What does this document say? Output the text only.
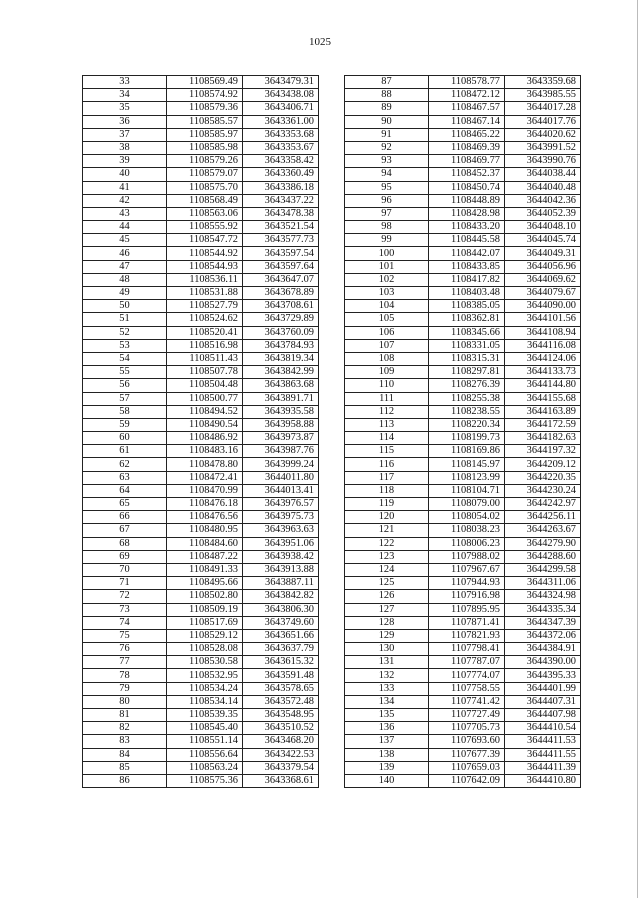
1025
33	1108569.49	3643479.31
34	1108574.92	3643438.08
35	1108579.36	3643406.71
36	1108585.57	3643361.00
37	1108585.97	3643353.68
38	1108585.98	3643353.67
39	1108579.26	3643358.42
40	1108579.07	3643360.49
41	1108575.70	3643386.18
42	1108568.49	3643437.22
43	1108563.06	3643478.38
44	1108555.92	3643521.54
45	1108547.72	3643577.73
46	1108544.92	3643597.54
47	1108544.93	3643597.64
48	1108536.11	3643647.07
49	1108531.88	3643678.89
50	1108527.79	3643708.61
51	1108524.62	3643729.89
52	1108520.41	3643760.09
53	1108516.98	3643784.93
54	1108511.43	3643819.34
55	1108507.78	3643842.99
56	1108504.48	3643863.68
57	1108500.77	3643891.71
58	1108494.52	3643935.58
59	1108490.54	3643958.88
60	1108486.92	3643973.87
61	1108483.16	3643987.76
62	1108478.80	3643999.24
63	1108472.41	3644011.80
64	1108470.99	3644013.41
65	1108476.18	3643976.57
66	1108476.56	3643975.73
67	1108480.95	3643963.63
68	1108484.60	3643951.06
69	1108487.22	3643938.42
70	1108491.33	3643913.88
71	1108495.66	3643887.11
72	1108502.80	3643842.82
73	1108509.19	3643806.30
74	1108517.69	3643749.60
75	1108529.12	3643651.66
76	1108528.08	3643637.79
77	1108530.58	3643615.32
78	1108532.95	3643591.48
79	1108534.24	3643578.65
80	1108534.14	3643572.48
81	1108539.35	3643548.95
82	1108545.40	3643510.52
83	1108551.14	3643468.20
84	1108556.64	3643422.53
85	1108563.24	3643379.54
86	1108575.36	3643368.61
87	1108578.77	3643359.68
88	1108472.12	3643985.55
89	1108467.57	3644017.28
90	1108467.14	3644017.76
91	1108465.22	3644020.62
92	1108469.39	3643991.52
93	1108469.77	3643990.76
94	1108452.37	3644038.44
95	1108450.74	3644040.48
96	1108448.89	3644042.36
97	1108428.98	3644052.39
98	1108433.20	3644048.10
99	1108445.58	3644045.74
100	1108442.07	3644049.31
101	1108433.85	3644056.96
102	1108417.82	3644069.62
103	1108403.48	3644079.67
104	1108385.05	3644090.00
105	1108362.81	3644101.56
106	1108345.66	3644108.94
107	1108331.05	3644116.08
108	1108315.31	3644124.06
109	1108297.81	3644133.73
110	1108276.39	3644144.80
111	1108255.38	3644155.68
112	1108238.55	3644163.89
113	1108220.34	3644172.59
114	1108199.73	3644182.63
115	1108169.86	3644197.32
116	1108145.97	3644209.12
117	1108123.99	3644220.35
118	1108104.71	3644230.24
119	1108079.00	3644242.97
120	1108054.02	3644256.11
121	1108038.23	3644263.67
122	1108006.23	3644279.90
123	1107988.02	3644288.60
124	1107967.67	3644299.58
125	1107944.93	3644311.06
126	1107916.98	3644324.98
127	1107895.95	3644335.34
128	1107871.41	3644347.39
129	1107821.93	3644372.06
130	1107798.41	3644384.91
131	1107787.07	3644390.00
132	1107774.07	3644395.33
133	1107758.55	3644401.99
134	1107741.42	3644407.31
135	1107727.49	3644407.98
136	1107705.73	3644410.54
137	1107693.60	3644411.53
138	1107677.39	3644411.55
139	1107659.03	3644411.39
140	1107642.09	3644410.80
